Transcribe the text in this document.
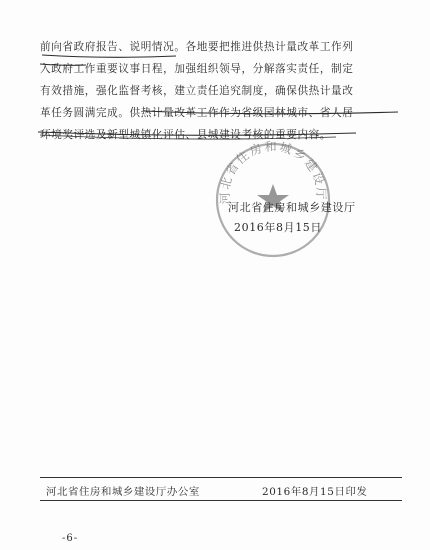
前向省政府报告、说明情况。各地要把推进供热计量改革工作列
入政府工作重要议事日程，加强组织领导，分解落实责任，制定
有效措施，强化监督考核，建立责任追究制度，确保供热计量改
革任务圆满完成。供热计量改革工作作为省级园林城市、省人居
环境奖评选及新型城镇化评估、县城建设考核的重要内容。
河北省住房和城乡建设厅
河北省住房和城乡建设厅
2016年8月15日
河北省住房和城乡建设厅办公室	2016年8月15日印发
-6-
